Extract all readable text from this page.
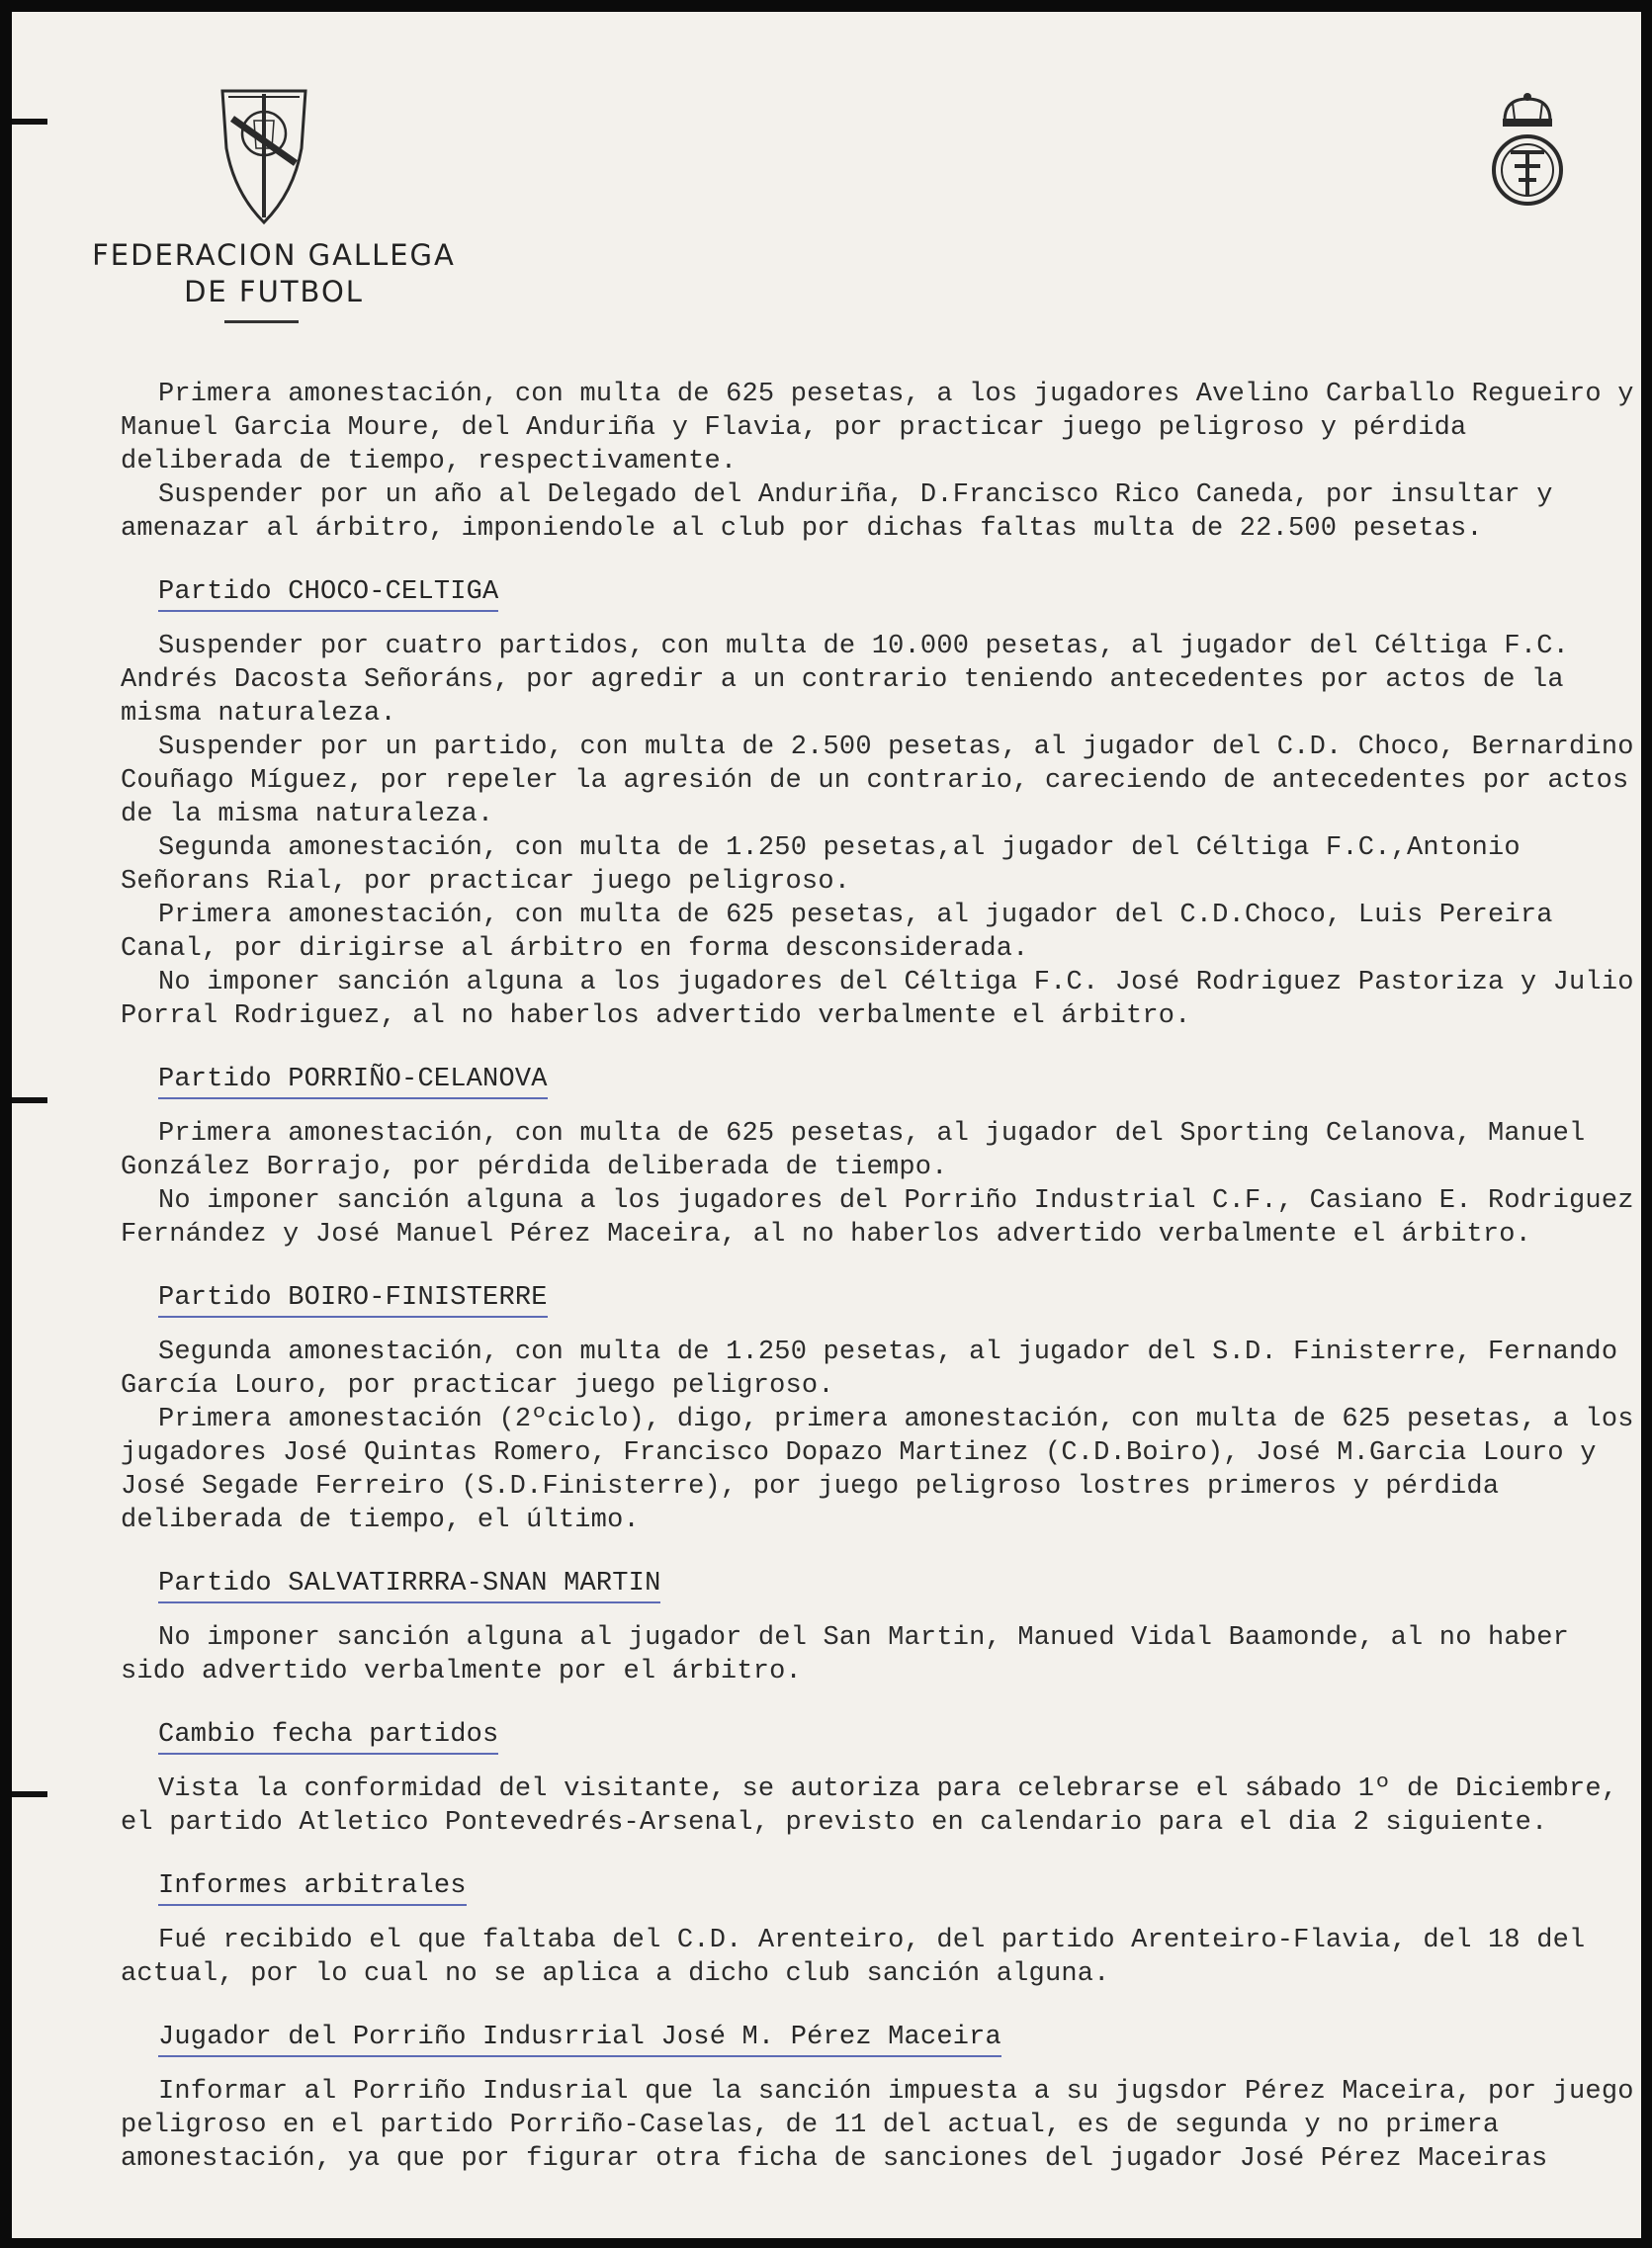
FEDERACION GALLEGA
DE FUTBOL

Primera amonestación, con multa de 625 pesetas, a los jugadores Avelino Carballo Regueiro y Manuel Garcia Moure, del Anduriña y Flavia, por practicar juego peligroso y pérdida deliberada de tiempo, respectivamente.

Suspender por un año al Delegado del Anduriña, D.Francisco Rico Caneda, por insultar y amenazar al árbitro, imponiendole al club por dichas faltas multa de 22.500 pesetas.

Partido CHOCO-CELTIGA

Suspender por cuatro partidos, con multa de 10.000 pesetas, al jugador del Céltiga F.C. Andrés Dacosta Señoráns, por agredir a un contrario teniendo antecedentes por actos de la misma naturaleza.

Suspender por un partido, con multa de 2.500 pesetas, al jugador del C.D. Choco, Bernardino Couñago Míguez, por repeler la agresión de un contrario, careciendo de antecedentes por actos de la misma naturaleza.

Segunda amonestación, con multa de 1.250 pesetas,al jugador del Céltiga F.C.,Antonio Señorans Rial, por practicar juego peligroso.

Primera amonestación, con multa de 625 pesetas, al jugador del C.D.Choco, Luis Pereira Canal, por dirigirse al árbitro en forma desconsiderada.

No imponer sanción alguna a los jugadores del Céltiga F.C. José Rodriguez Pastoriza y Julio Porral Rodriguez, al no haberlos advertido verbalmente el árbitro.

Partido PORRIÑO-CELANOVA

Primera amonestación, con multa de 625 pesetas, al jugador del Sporting Celanova, Manuel González Borrajo, por pérdida deliberada de tiempo.

No imponer sanción alguna a los jugadores del Porriño Industrial C.F., Casiano E. Rodriguez Fernández y José Manuel Pérez Maceira, al no haberlos advertido verbalmente el árbitro.

Partido BOIRO-FINISTERRE

Segunda amonestación, con multa de 1.250 pesetas, al jugador del S.D. Finisterre, Fernando García Louro, por practicar juego peligroso.

Primera amonestación (2ºciclo), digo, primera amonestación, con multa de 625 pesetas, a los jugadores José Quintas Romero, Francisco Dopazo Martinez (C.D.Boiro), José M.Garcia Louro y José Segade Ferreiro (S.D.Finisterre), por juego peligroso lostres primeros y pérdida deliberada de tiempo, el último.

Partido SALVATIRRRA-SNAN MARTIN

No imponer sanción alguna al jugador del San Martin, Manued Vidal Baamonde, al no haber sido advertido verbalmente por el árbitro.

Cambio fecha partidos

Vista la conformidad del visitante, se autoriza para celebrarse el sábado 1º de Diciembre, el partido Atletico Pontevedrés-Arsenal, previsto en calendario para el dia 2 siguiente.

Informes arbitrales

Fué recibido el que faltaba del C.D. Arenteiro, del partido Arenteiro-Flavia, del 18 del actual, por lo cual no se aplica a dicho club sanción alguna.

Jugador del Porriño Indusrrial José M. Pérez Maceira

Informar al Porriño Indusrial que la sanción impuesta a su jugsdor Pérez Maceira, por juego peligroso en el partido Porriño-Caselas, de 11 del actual, es de segunda y no primera amonestación, ya que por figurar otra ficha de sanciones del jugador José Pérez Maceiras
